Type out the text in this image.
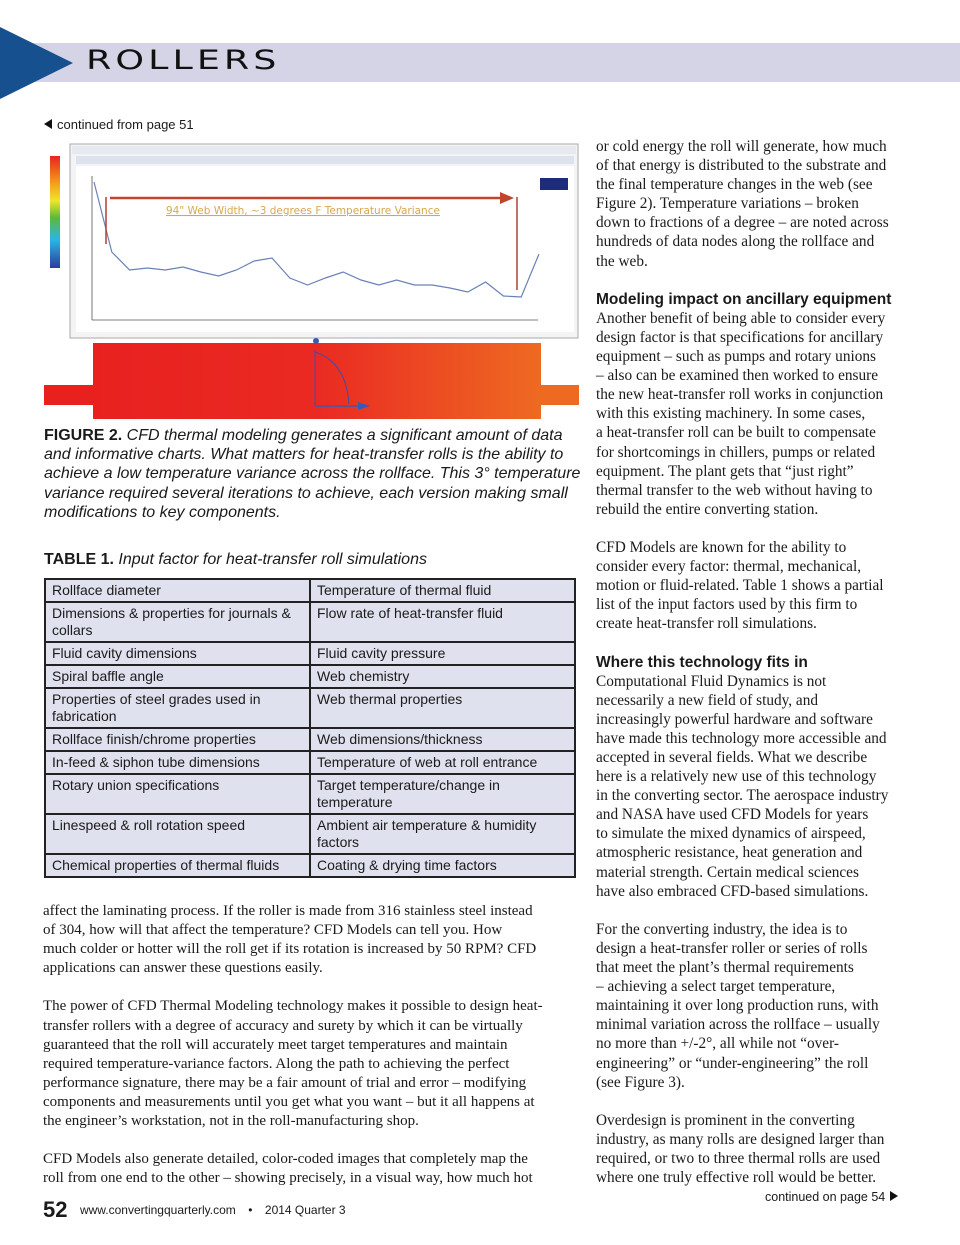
ROLLERS
continued from page 51
94" Web Width, ~3 degrees F Temperature Variance
FIGURE 2. CFD thermal modeling generates a significant amount of data
and informative charts. What matters for heat-transfer rolls is the ability to
achieve a low temperature variance across the rollface. This 3° temperature
variance required several iterations to achieve, each version making small
modifications to key components.
TABLE 1. Input factor for heat-transfer roll simulations
Rollface diameter	Temperature of thermal fluid
Dimensions & properties for journals & collars	Flow rate of heat-transfer fluid
Fluid cavity dimensions	Fluid cavity pressure
Spiral baffle angle	Web chemistry
Properties of steel grades used in fabrication	Web thermal properties
Rollface finish/chrome properties	Web dimensions/thickness
In-feed & siphon tube dimensions	Temperature of web at roll entrance
Rotary union specifications	Target temperature/change in temperature
Linespeed & roll rotation speed	Ambient air temperature & humidity factors
Chemical properties of thermal fluids	Coating & drying time factors
affect the laminating process. If the roller is made from 316 stainless steel instead
of 304, how will that affect the temperature? CFD Models can tell you. How
much colder or hotter will the roll get if its rotation is increased by 50 RPM? CFD
applications can answer these questions easily.
The power of CFD Thermal Modeling technology makes it possible to design heat-
transfer rollers with a degree of accuracy and surety by which it can be virtually
guaranteed that the roll will accurately meet target temperatures and maintain
required temperature-variance factors. Along the path to achieving the perfect
performance signature, there may be a fair amount of trial and error – modifying
components and measurements until you get what you want – but it all happens at
the engineer’s workstation, not in the roll-manufacturing shop.
CFD Models also generate detailed, color-coded images that completely map the
roll from one end to the other – showing precisely, in a visual way, how much hot
or cold energy the roll will generate, how much
of that energy is distributed to the substrate and
the final temperature changes in the web (see
Figure 2). Temperature variations – broken
down to fractions of a degree – are noted across
hundreds of data nodes along the rollface and
the web.
Modeling impact on ancillary equipment
Another benefit of being able to consider every
design factor is that specifications for ancillary
equipment – such as pumps and rotary unions
– also can be examined then worked to ensure
the new heat-transfer roll works in conjunction
with this existing machinery. In some cases,
a heat-transfer roll can be built to compensate
for shortcomings in chillers, pumps or related
equipment. The plant gets that “just right”
thermal transfer to the web without having to
rebuild the entire converting station.
CFD Models are known for the ability to
consider every factor: thermal, mechanical,
motion or fluid-related. Table 1 shows a partial
list of the input factors used by this firm to
create heat-transfer roll simulations.
Where this technology fits in
Computational Fluid Dynamics is not
necessarily a new field of study, and
increasingly powerful hardware and software
have made this technology more accessible and
accepted in several fields. What we describe
here is a relatively new use of this technology
in the converting sector. The aerospace industry
and NASA have used CFD Models for years
to simulate the mixed dynamics of airspeed,
atmospheric resistance, heat generation and
material strength. Certain medical sciences
have also embraced CFD-based simulations.
For the converting industry, the idea is to
design a heat-transfer roller or series of rolls
that meet the plant’s thermal requirements
– achieving a select target temperature,
maintaining it over long production runs, with
minimal variation across the rollface – usually
no more than +/-2°, all while not “over-
engineering” or “under-engineering” the roll
(see Figure 3).
Overdesign is prominent in the converting
industry, as many rolls are designed larger than
required, or two to three thermal rolls are used
where one truly effective roll would be better.
continued on page 54
52 www.convertingquarterly.com • 2014 Quarter 3
